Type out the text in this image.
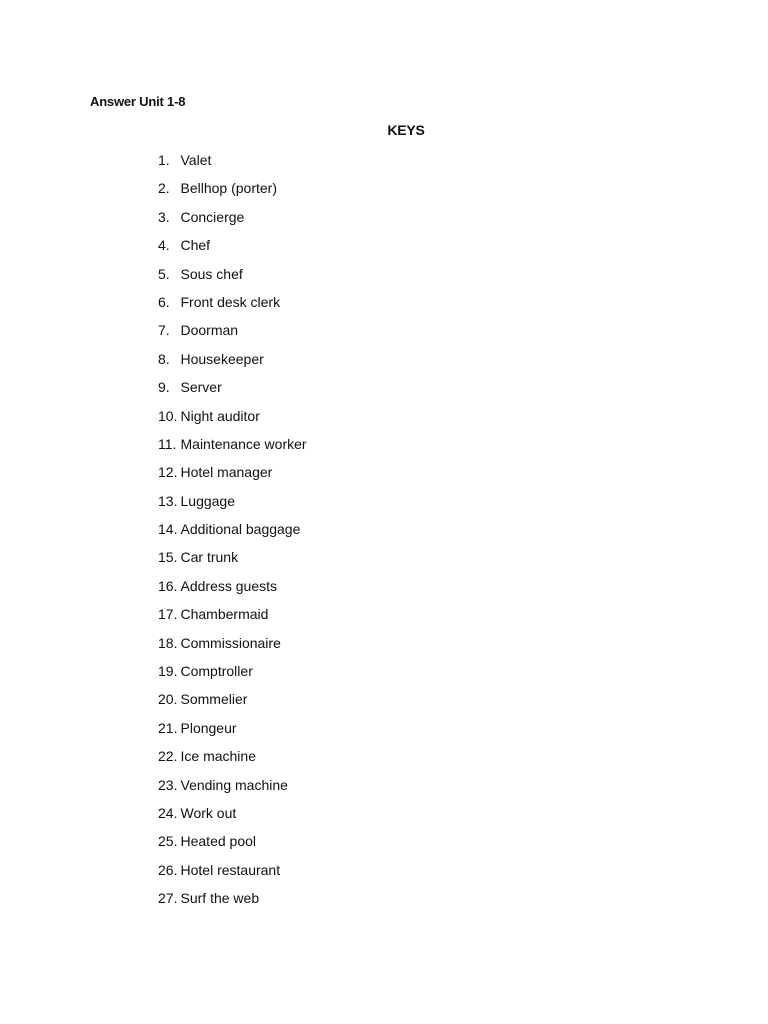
Answer Unit 1-8
KEYS
1. Valet
2. Bellhop (porter)
3. Concierge
4. Chef
5. Sous chef
6. Front desk clerk
7. Doorman
8. Housekeeper
9. Server
10. Night auditor
11. Maintenance worker
12. Hotel manager
13. Luggage
14. Additional baggage
15. Car trunk
16. Address guests
17. Chambermaid
18. Commissionaire
19. Comptroller
20. Sommelier
21. Plongeur
22. Ice machine
23. Vending machine
24. Work out
25. Heated pool
26. Hotel restaurant
27. Surf the web
